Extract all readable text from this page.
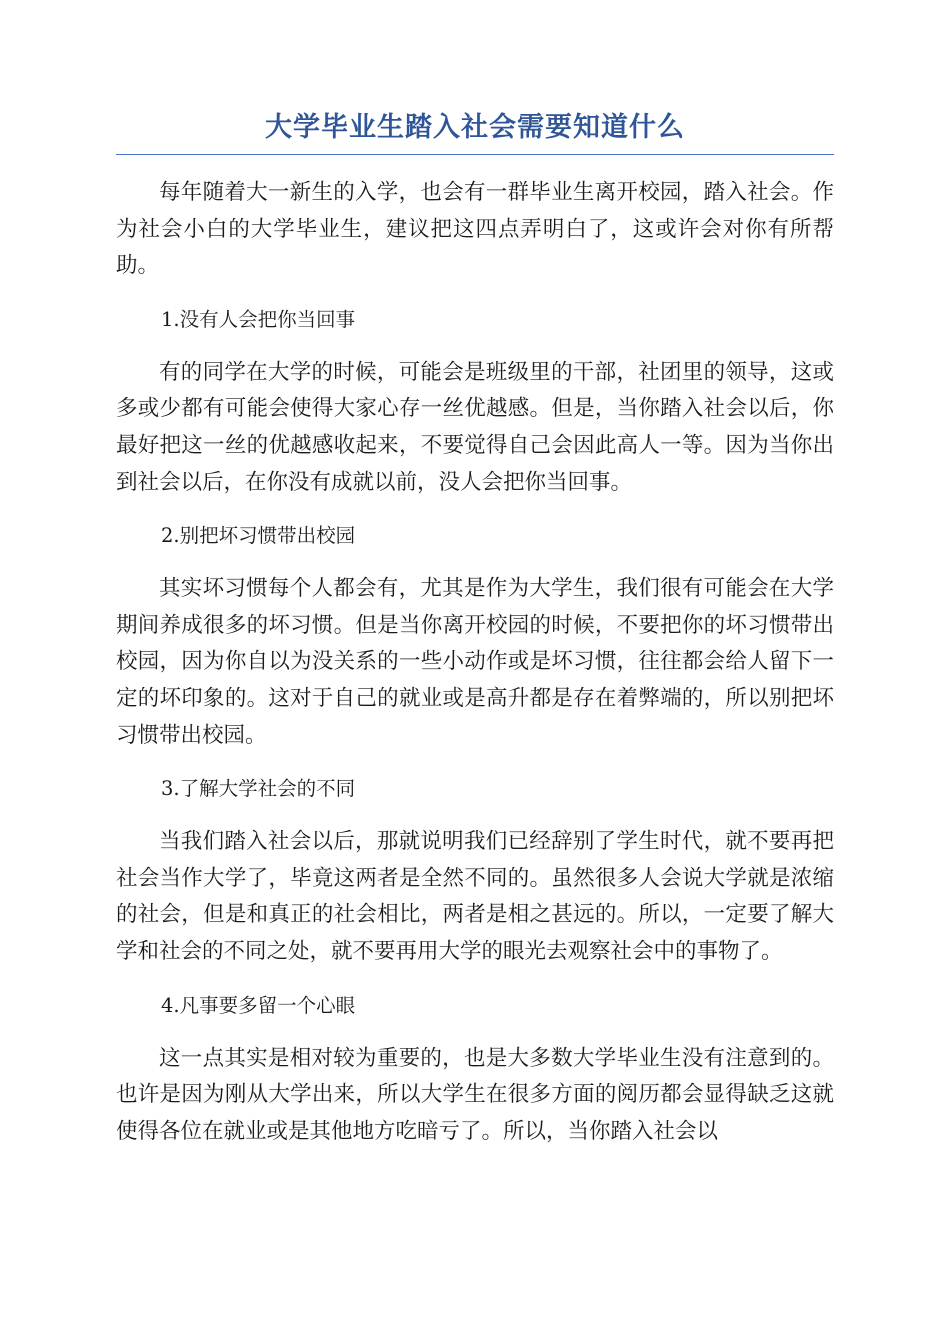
大学毕业生踏入社会需要知道什么

每年随着大一新生的入学，也会有一群毕业生离开校园，踏入社会。作为社会小白的大学毕业生，建议把这四点弄明白了，这或许会对你有所帮助。

1.没有人会把你当回事

有的同学在大学的时候，可能会是班级里的干部，社团里的领导，这或多或少都有可能会使得大家心存一丝优越感。但是，当你踏入社会以后，你最好把这一丝的优越感收起来，不要觉得自己会因此高人一等。因为当你出到社会以后，在你没有成就以前，没人会把你当回事。

2.别把坏习惯带出校园

其实坏习惯每个人都会有，尤其是作为大学生，我们很有可能会在大学期间养成很多的坏习惯。但是当你离开校园的时候，不要把你的坏习惯带出校园，因为你自以为没关系的一些小动作或是坏习惯，往往都会给人留下一定的坏印象的。这对于自己的就业或是高升都是存在着弊端的，所以别把坏习惯带出校园。

3.了解大学社会的不同

当我们踏入社会以后，那就说明我们已经辞别了学生时代，就不要再把社会当作大学了，毕竟这两者是全然不同的。虽然很多人会说大学就是浓缩的社会，但是和真正的社会相比，两者是相之甚远的。所以，一定要了解大学和社会的不同之处，就不要再用大学的眼光去观察社会中的事物了。

4.凡事要多留一个心眼

这一点其实是相对较为重要的，也是大多数大学毕业生没有注意到的。也许是因为刚从大学出来，所以大学生在很多方面的阅历都会显得缺乏这就使得各位在就业或是其他地方吃暗亏了。所以，当你踏入社会以
